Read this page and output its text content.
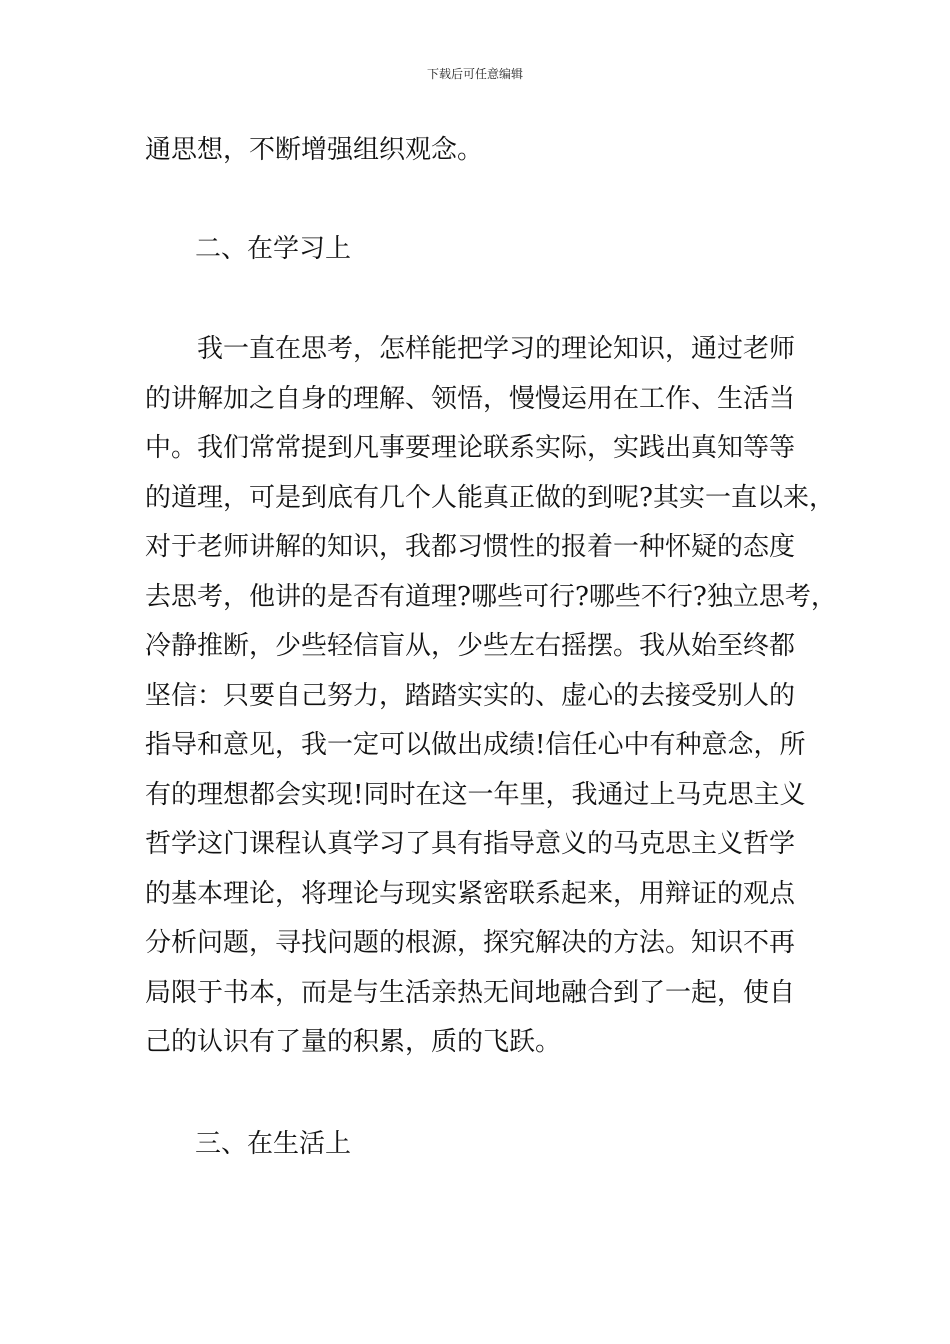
下载后可任意编辑
通思想，不断增强组织观念。
二、在学习上
　　我一直在思考，怎样能把学习的理论知识，通过老师
的讲解加之自身的理解、领悟，慢慢运用在工作、生活当
中。我们常常提到凡事要理论联系实际，实践出真知等等
的道理，可是到底有几个人能真正做的到呢?其实一直以来，
对于老师讲解的知识，我都习惯性的报着一种怀疑的态度
去思考，他讲的是否有道理?哪些可行?哪些不行?独立思考，
冷静推断，少些轻信盲从，少些左右摇摆。我从始至终都
坚信：只要自己努力，踏踏实实的、虚心的去接受别人的
指导和意见，我一定可以做出成绩!信任心中有种意念，所
有的理想都会实现!同时在这一年里，我通过上马克思主义
哲学这门课程认真学习了具有指导意义的马克思主义哲学
的基本理论，将理论与现实紧密联系起来，用辩证的观点
分析问题，寻找问题的根源，探究解决的方法。知识不再
局限于书本，而是与生活亲热无间地融合到了一起，使自
己的认识有了量的积累，质的飞跃。
三、在生活上
